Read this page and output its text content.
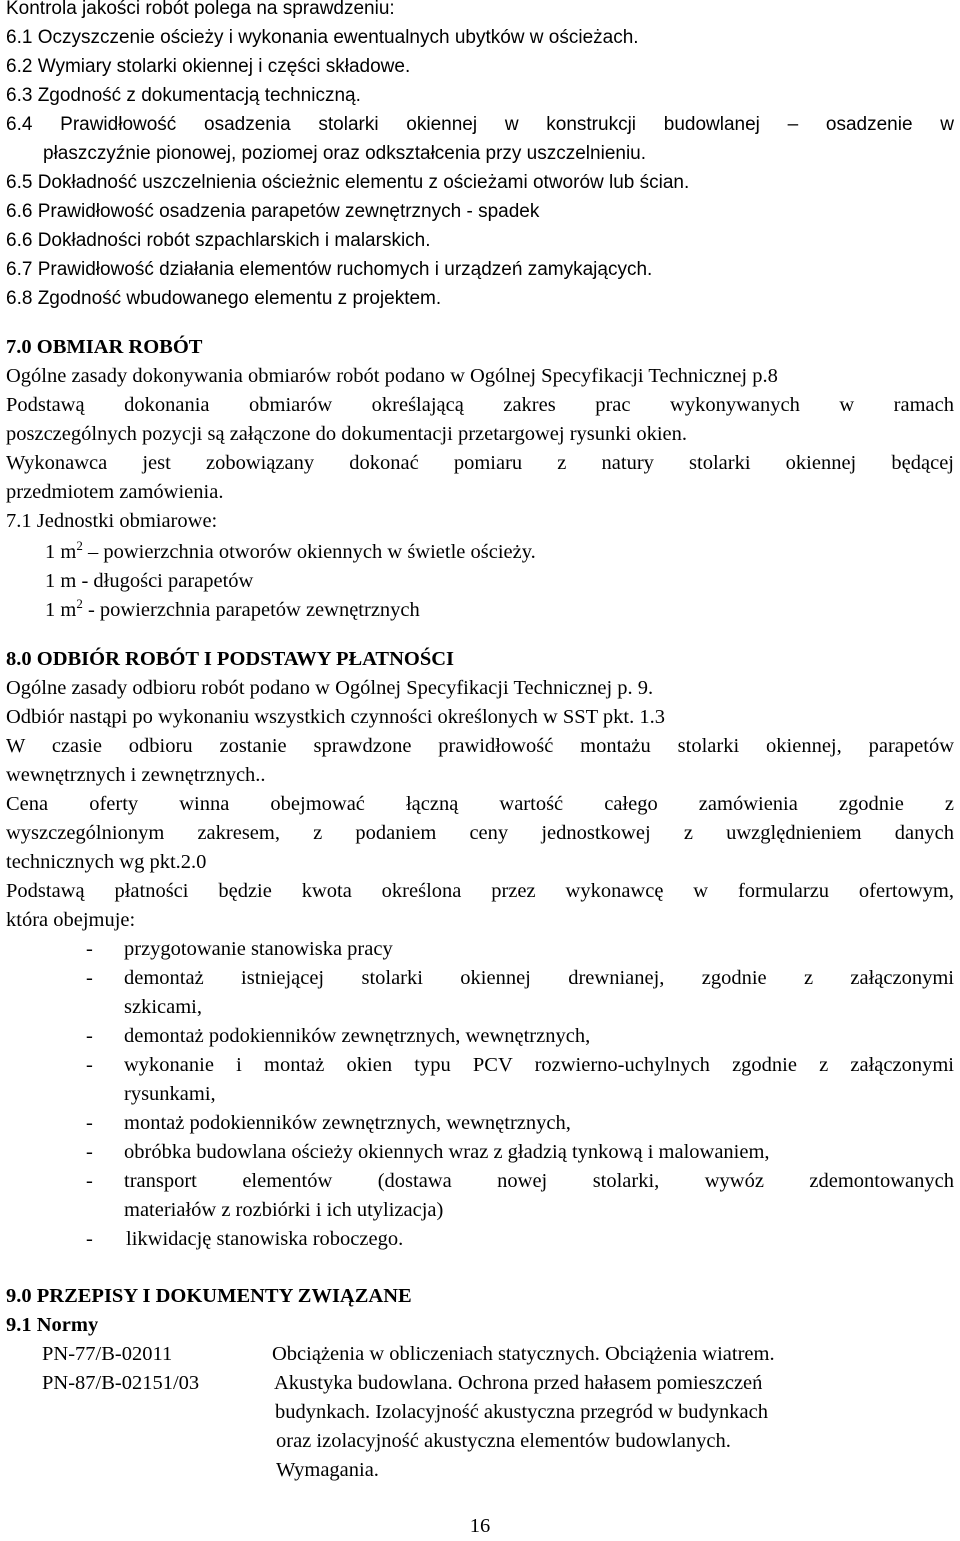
Kontrola jakości robót polega na sprawdzeniu:
6.1 Oczyszczenie ościeży i wykonania ewentualnych ubytków w ościeżach.
6.2 Wymiary stolarki okiennej i części składowe.
6.3 Zgodność z dokumentacją techniczną.
6.4 Prawidłowość osadzenia stolarki okiennej w konstrukcji budowlanej – osadzenie w
płaszczyźnie pionowej, poziomej oraz odkształcenia przy uszczelnieniu.
6.5 Dokładność uszczelnienia ościeżnic elementu z ościeżami otworów lub ścian.
6.6 Prawidłowość osadzenia parapetów zewnętrznych - spadek
6.6 Dokładności robót szpachlarskich i malarskich.
6.7 Prawidłowość działania elementów ruchomych i urządzeń zamykających.
6.8 Zgodność wbudowanego elementu z projektem.
7.0 OBMIAR ROBÓT
Ogólne zasady dokonywania obmiarów robót podano w Ogólnej Specyfikacji Technicznej p.8
Podstawą dokonania obmiarów określającą zakres prac wykonywanych w ramach
poszczególnych pozycji są załączone do dokumentacji przetargowej rysunki okien.
Wykonawca jest zobowiązany dokonać pomiaru z natury stolarki okiennej będącej
przedmiotem zamówienia.
7.1 Jednostki obmiarowe:
1 $m^2$ – powierzchnia otworów okiennych w świetle ościeży.
1 m - długości parapetów
1 $m^2$ - powierzchnia parapetów zewnętrznych
8.0 ODBIÓR ROBÓT I PODSTAWY PŁATNOŚCI
Ogólne zasady odbioru robót podano w Ogólnej Specyfikacji Technicznej p. 9.
Odbiór nastąpi po wykonaniu wszystkich czynności określonych w SST pkt. 1.3
W czasie odbioru zostanie sprawdzone prawidłowość montażu stolarki okiennej, parapetów
wewnętrznych i zewnętrznych..
Cena oferty winna obejmować łączną wartość całego zamówienia zgodnie z
wyszczególnionym zakresem, z podaniem ceny jednostkowej z uwzględnieniem danych
technicznych wg pkt.2.0
Podstawą płatności będzie kwota określona przez wykonawcę w formularzu ofertowym,
która obejmuje:
- przygotowanie stanowiska pracy
- demontaż istniejącej stolarki okiennej drewnianej, zgodnie z załączonymi
szkicami,
- demontaż podokienników zewnętrznych, wewnętrznych,
- wykonanie i montaż okien typu PCV rozwierno-uchylnych zgodnie z załączonymi
rysunkami,
- montaż podokienników zewnętrznych, wewnętrznych,
- obróbka budowlana ościeży okiennych wraz z gładzią tynkową i malowaniem,
- transport elementów (dostawa nowej stolarki, wywóz zdemontowanych
materiałów z rozbiórki i ich utylizacja)
- likwidację stanowiska roboczego.
9.0 PRZEPISY I DOKUMENTY ZWIĄZANE
9.1 Normy
PN-77/B-02011	Obciążenia w obliczeniach statycznych. Obciążenia wiatrem.
PN-87/B-02151/03	Akustyka budowlana. Ochrona przed hałasem pomieszczeń
budynkach. Izolacyjność akustyczna przegród w budynkach
oraz izolacyjność akustyczna elementów budowlanych.
Wymagania.
16
